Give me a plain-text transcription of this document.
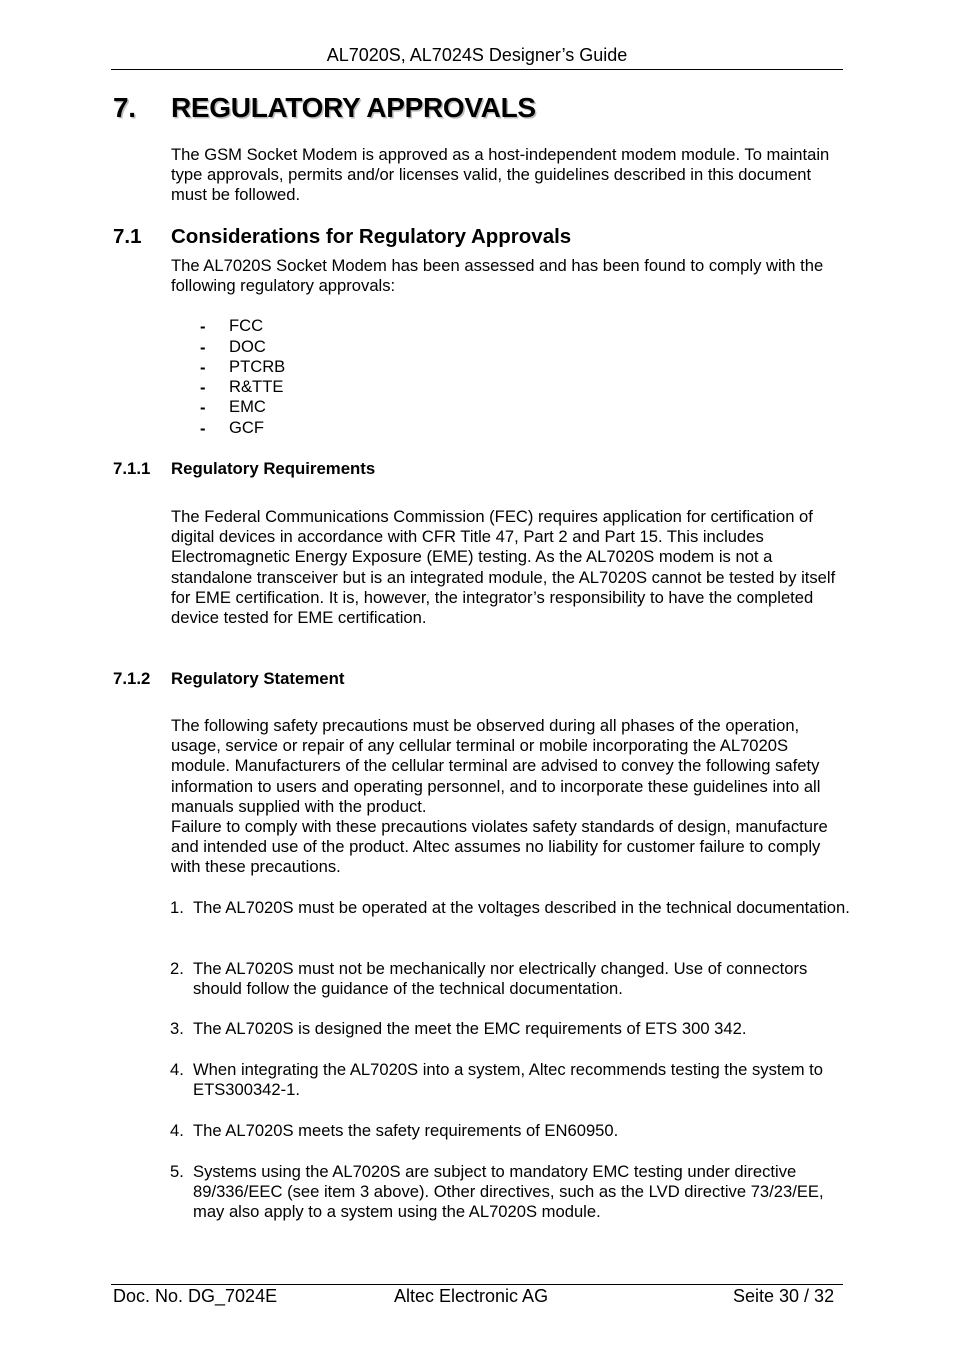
AL7020S, AL7024S Designer’s Guide
7. REGULATORY APPROVALS
The GSM Socket Modem is approved as a host-independent modem module. To maintain type approvals, permits and/or licenses valid, the guidelines described in this document must be followed.
7.1 Considerations for Regulatory Approvals
The AL7020S Socket Modem has been assessed and has been found to comply with the following regulatory approvals:
- FCC
- DOC
- PTCRB
- R&TTE
- EMC
- GCF
7.1.1 Regulatory Requirements
The Federal Communications Commission (FEC) requires application for certification of digital devices in accordance with CFR Title 47, Part 2 and Part 15. This includes Electromagnetic Energy Exposure (EME) testing. As the AL7020S modem is not a standalone transceiver but is an integrated module, the AL7020S cannot be tested by itself for EME certification. It is, however, the integrator’s responsibility to have the completed device tested for EME certification.
7.1.2 Regulatory Statement
The following safety precautions must be observed during all phases of the operation, usage, service or repair of any cellular terminal or mobile incorporating the AL7020S module. Manufacturers of the cellular terminal are advised to convey the following safety information to users and operating personnel, and to incorporate these guidelines into all manuals supplied with the product.
Failure to comply with these precautions violates safety standards of design, manufacture and intended use of the product. Altec assumes no liability for customer failure to comply with these precautions.
1. The AL7020S must be operated at the voltages described in the technical documentation.
2. The AL7020S must not be mechanically nor electrically changed. Use of connectors should follow the guidance of the technical documentation.
3. The AL7020S is designed the meet the EMC requirements of ETS 300 342.
4. When integrating the AL7020S into a system, Altec recommends testing the system to ETS300342-1.
4. The AL7020S meets the safety requirements of EN60950.
5. Systems using the AL7020S are subject to mandatory EMC testing under directive 89/336/EEC (see item 3 above). Other directives, such as the LVD directive 73/23/EE, may also apply to a system using the AL7020S module.
Doc. No. DG_7024E	Altec Electronic AG	Seite 30 / 32
